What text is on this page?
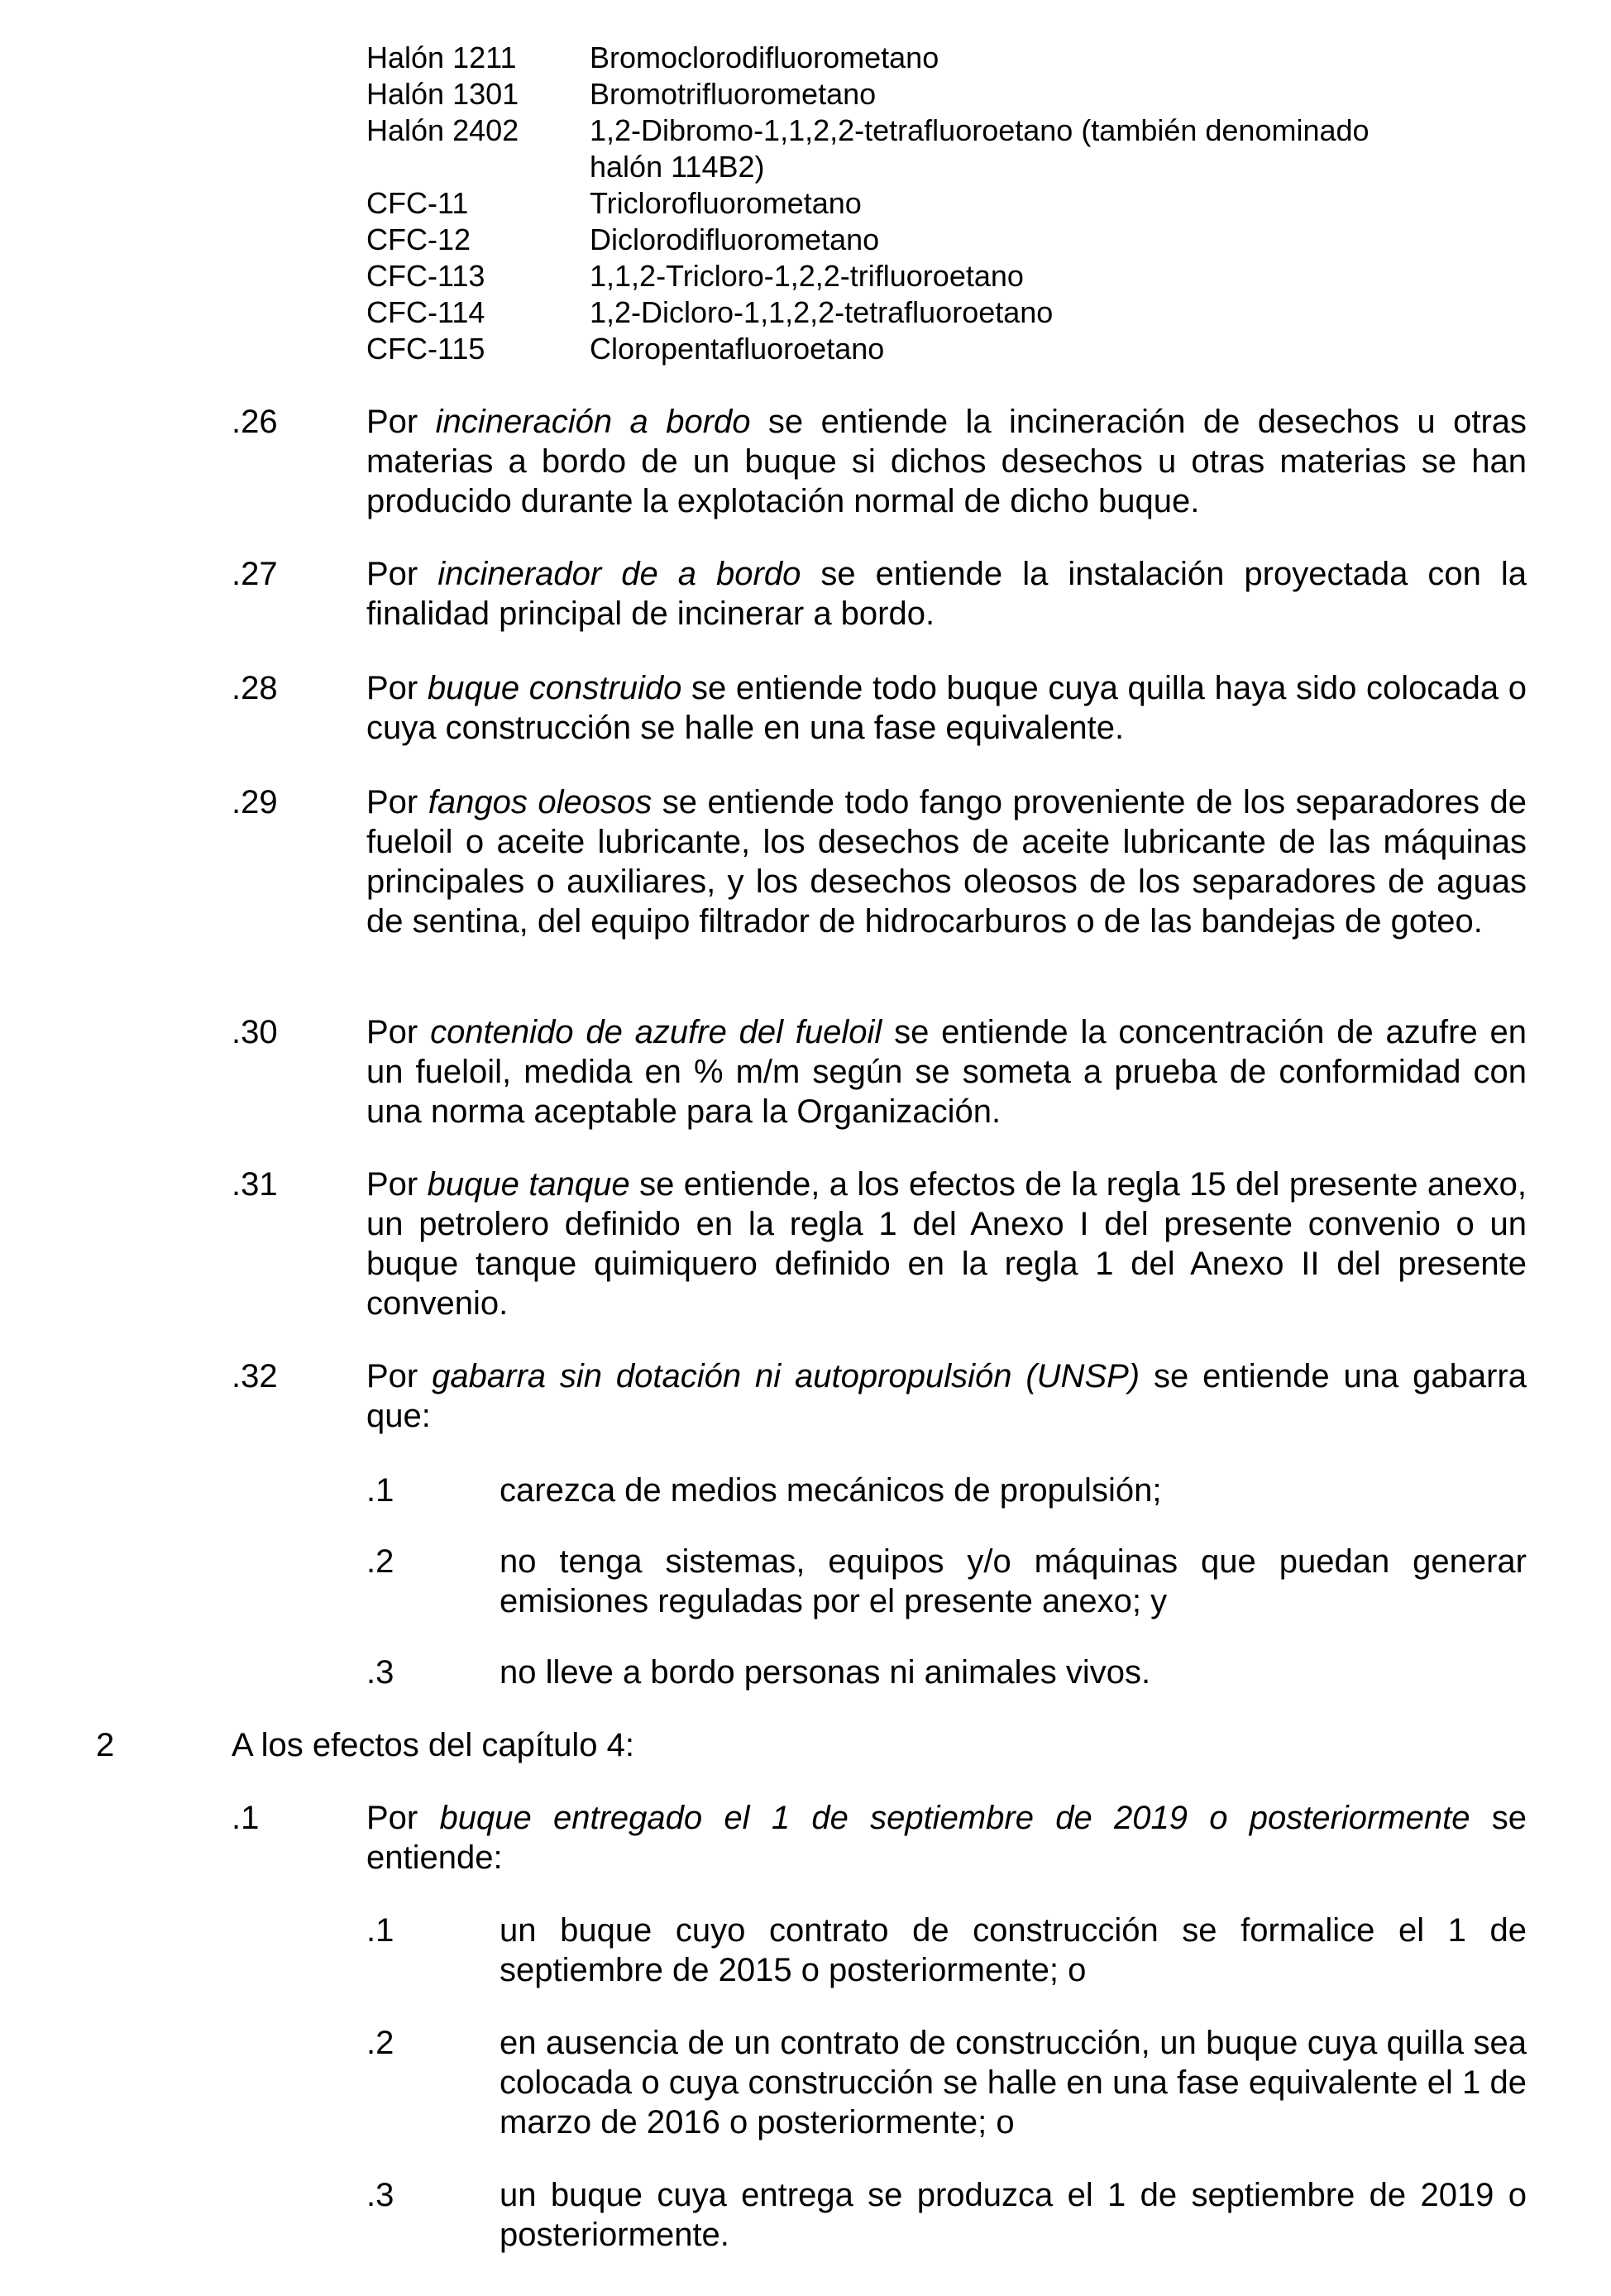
Halón 1211	Bromoclorodifluorometano
Halón 1301	Bromotrifluorometano
Halón 2402	1,2-Dibromo-1,1,2,2-tetrafluoroetano (también denominado halón 114B2)
CFC-11	Triclorofluorometano
CFC-12	Diclorodifluorometano
CFC-113	1,1,2-Tricloro-1,2,2-trifluoroetano
CFC-114	1,2-Dicloro-1,1,2,2-tetrafluoroetano
CFC-115	Cloropentafluoroetano
.26	Por incineración a bordo se entiende la incineración de desechos u otras materias a bordo de un buque si dichos desechos u otras materias se han producido durante la explotación normal de dicho buque.
.27	Por incinerador de a bordo se entiende la instalación proyectada con la finalidad principal de incinerar a bordo.
.28	Por buque construido se entiende todo buque cuya quilla haya sido colocada o cuya construcción se halle en una fase equivalente.
.29	Por fangos oleosos se entiende todo fango proveniente de los separadores de fueloil o aceite lubricante, los desechos de aceite lubricante de las máquinas principales o auxiliares, y los desechos oleosos de los separadores de aguas de sentina, del equipo filtrador de hidrocarburos o de las bandejas de goteo.
.30	Por contenido de azufre del fueloil se entiende la concentración de azufre en un fueloil, medida en % m/m según se someta a prueba de conformidad con una norma aceptable para la Organización.
.31	Por buque tanque se entiende, a los efectos de la regla 15 del presente anexo, un petrolero definido en la regla 1 del Anexo I del presente convenio o un buque tanque quimiquero definido en la regla 1 del Anexo II del presente convenio.
.32	Por gabarra sin dotación ni autopropulsión (UNSP) se entiende una gabarra que:
.1	carezca de medios mecánicos de propulsión;
.2	no tenga sistemas, equipos y/o máquinas que puedan generar emisiones reguladas por el presente anexo; y
.3	no lleve a bordo personas ni animales vivos.
2	A los efectos del capítulo 4:
.1	Por buque entregado el 1 de septiembre de 2019 o posteriormente se entiende:
.1	un buque cuyo contrato de construcción se formalice el 1 de septiembre de 2015 o posteriormente; o
.2	en ausencia de un contrato de construcción, un buque cuya quilla sea colocada o cuya construcción se halle en una fase equivalente el 1 de marzo de 2016 o posteriormente; o
.3	un buque cuya entrega se produzca el 1 de septiembre de 2019 o posteriormente.
